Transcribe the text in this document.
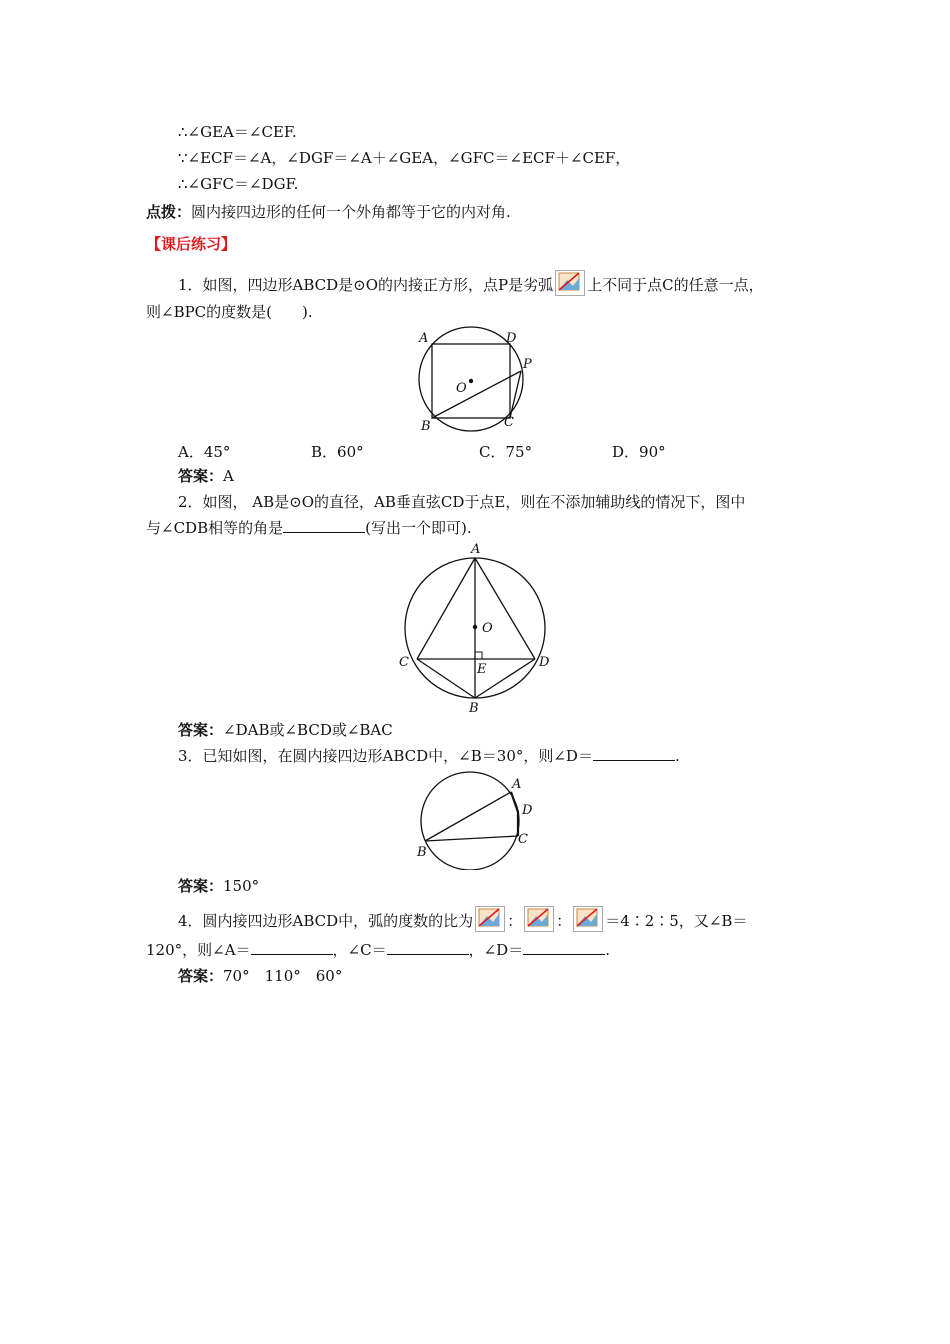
∴∠GEA＝∠CEF.
∵∠ECF＝∠A，∠DGF＝∠A＋∠GEA，∠GFC＝∠ECF＋∠CEF，
∴∠GFC＝∠DGF.
点拨：圆内接四边形的任何一个外角都等于它的内对角.
【课后练习】
1．如图，四边形ABCD是⊙O的内接正方形，点P是劣弧 上不同于点C的任意一点，
则∠BPC的度数是(　　).
A	D
P
O
B	C
A．45°	B．60°	C．75°	D．90°
答案：A
2．如图， AB是⊙O的直径，AB垂直弦CD于点E，则在不添加辅助线的情况下，图中
与∠CDB相等的角是	(写出一个即可).
A
O
C	D
E
B
答案：∠DAB或∠BCD或∠BAC
3．已知如图，在圆内接四边形ABCD中，∠B＝30°，则∠D＝	.
A
D
C
B
答案：150°
4．圆内接四边形ABCD中，弧的度数的比为 ： ： ＝4∶2∶5，又∠B＝
120°，则∠A＝	，∠C＝	，∠D＝	.
答案：70°　110°　60°
